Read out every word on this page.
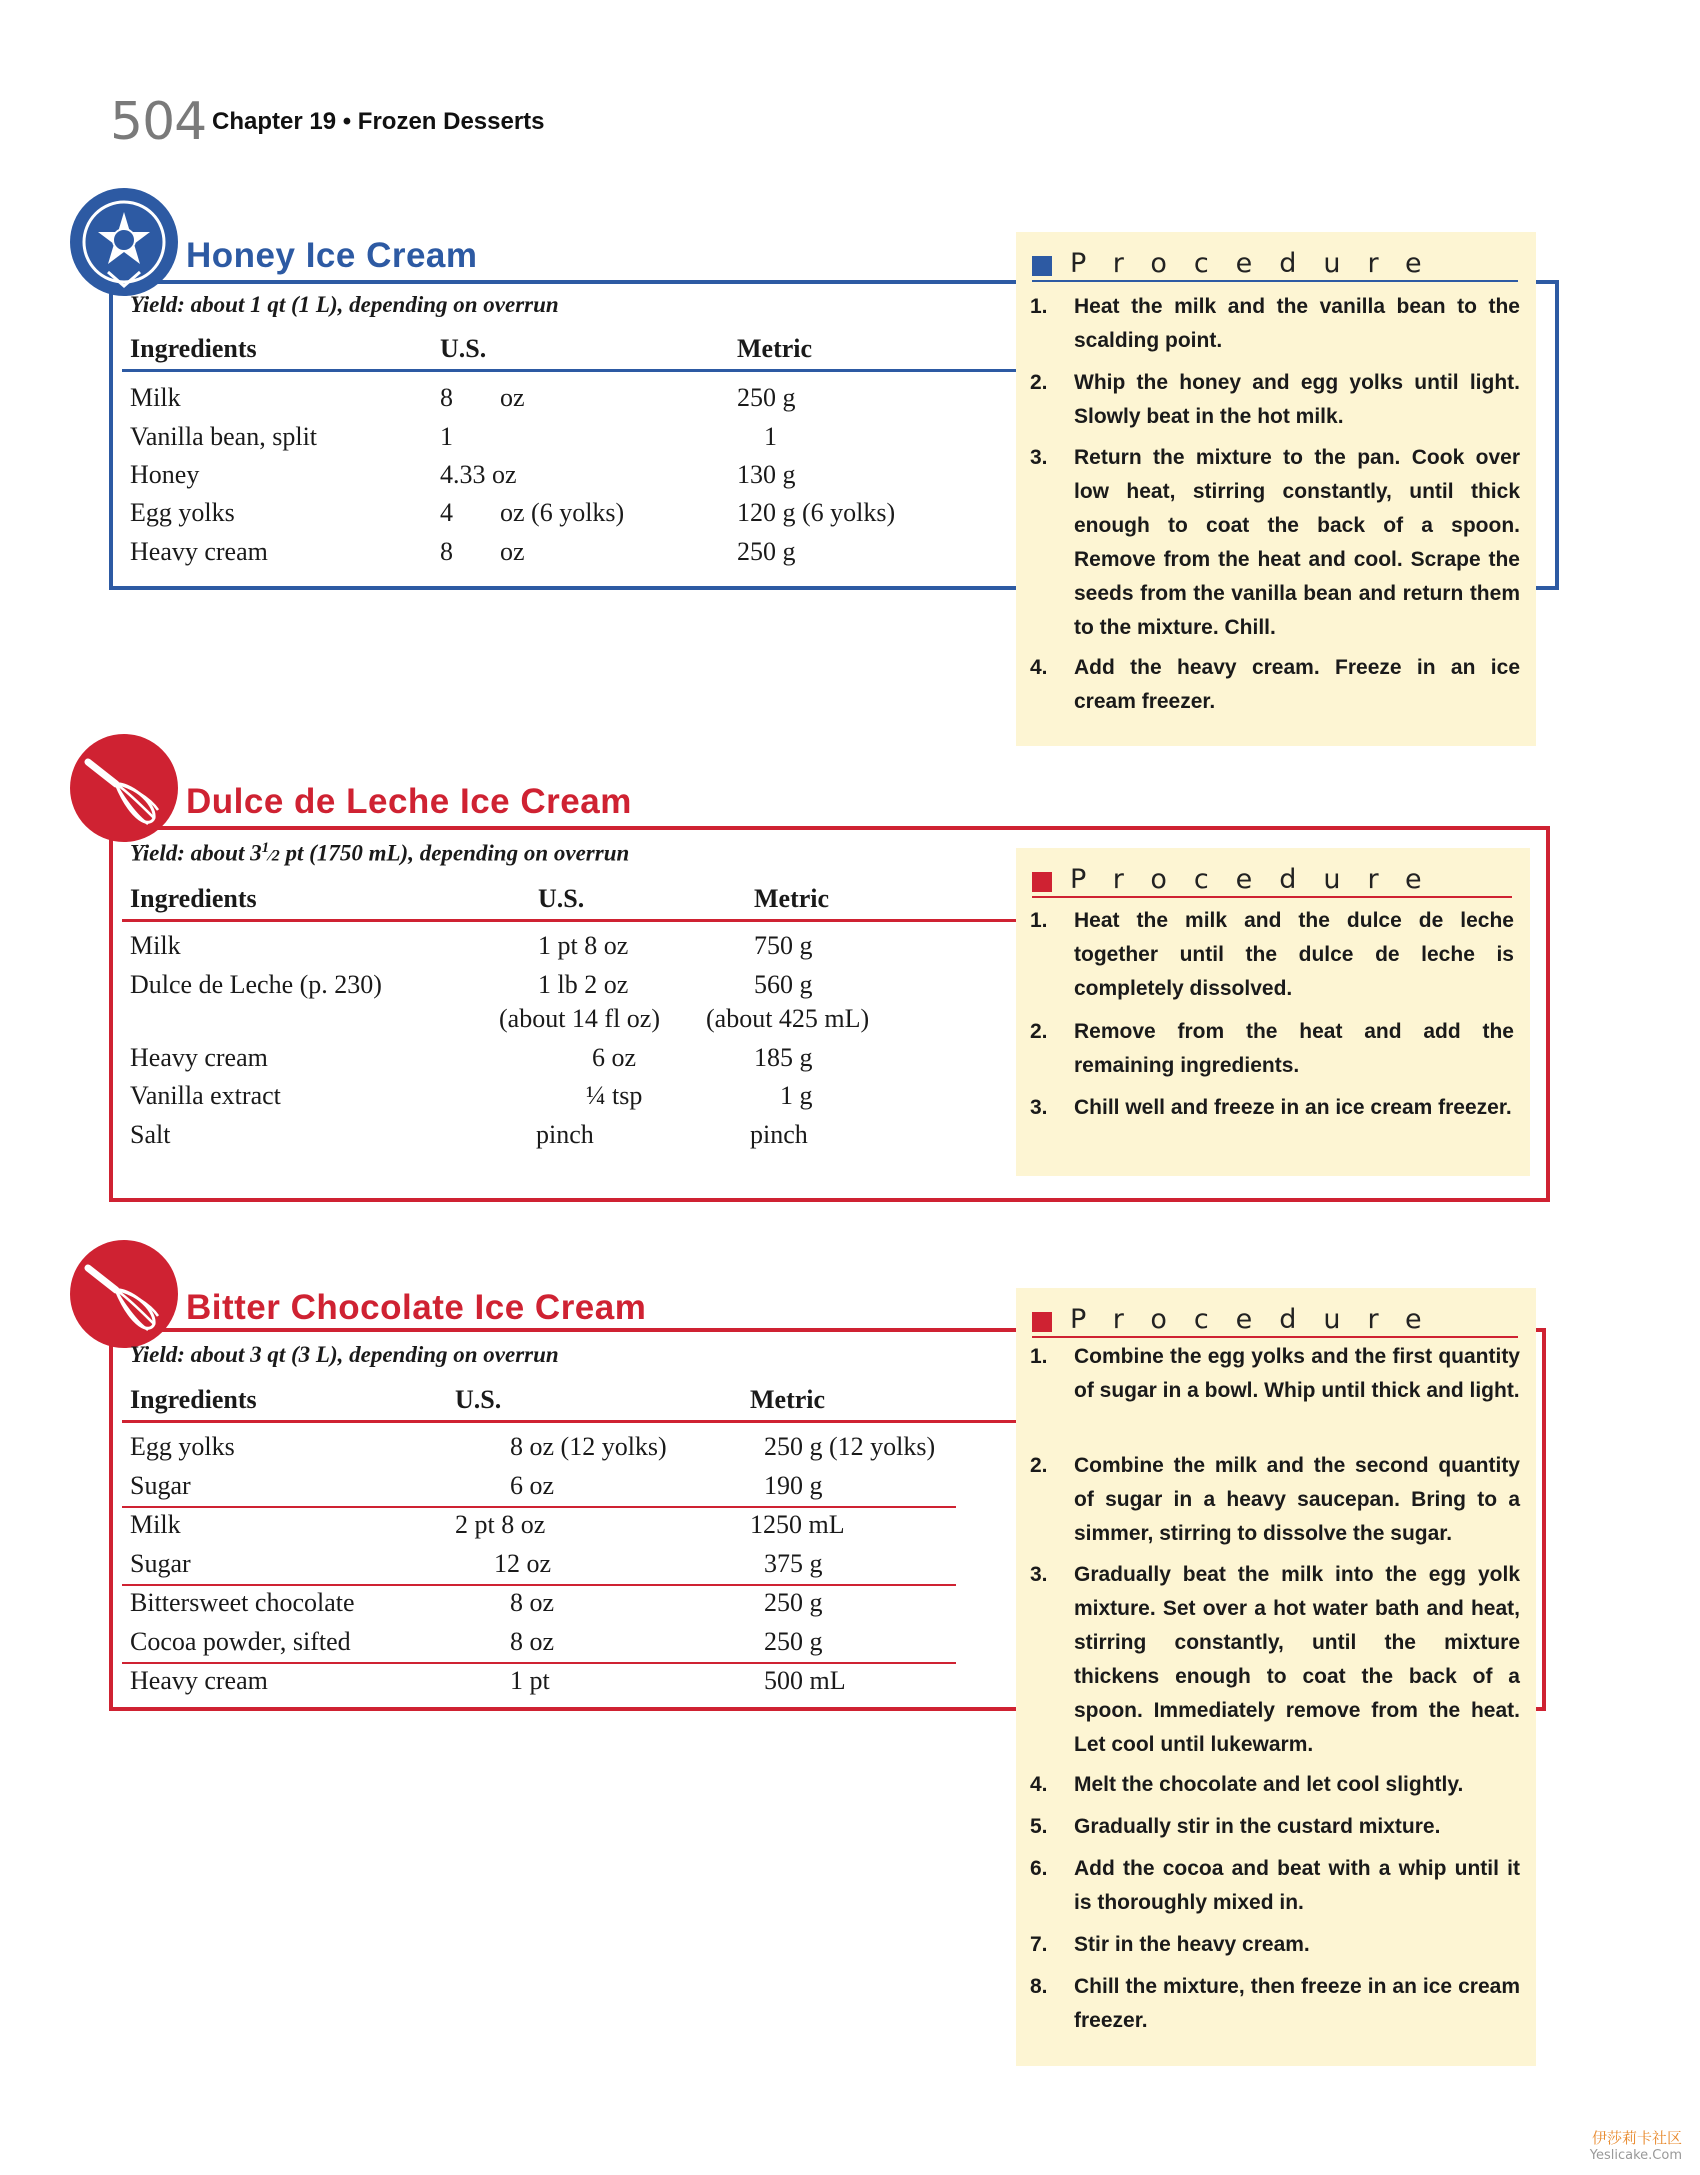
504 Chapter 19 • Frozen Desserts
Procedure
1. Heat the milk and the vanilla bean to the scalding point.
2. Whip the honey and egg yolks until light. Slowly beat in the hot milk.
3. Return the mixture to the pan. Cook over low heat, stirring constantly, until thick enough to coat the back of a spoon. Remove from the heat and cool. Scrape the seeds from the vanilla bean and return them to the mixture. Chill.
4. Add the heavy cream. Freeze in an ice cream freezer.
Honey Ice Cream
Yield: about 1 qt (1 L), depending on overrun
Ingredients	U.S.	Metric
Milk	8 oz	250 g
Vanilla bean, split	1	1
Honey	4.33 oz	130 g
Egg yolks	4 oz (6 yolks)	120 g (6 yolks)
Heavy cream	8 oz	250 g
Procedure
1. Heat the milk and the dulce de leche together until the dulce de leche is completely dissolved.
2. Remove from the heat and add the remaining ingredients.
3. Chill well and freeze in an ice cream freezer.
Dulce de Leche Ice Cream
Yield: about $3^1⁄2$ pt (1750 mL), depending on overrun
Ingredients	U.S.	Metric
Milk	1 pt 8 oz	750 g
Dulce de Leche (p. 230)	1 lb 2 oz	560 g
(about 14 fl oz) (about 425 mL)
Heavy cream	6 oz	185 g
Vanilla extract	¼ tsp	1 g
Salt	pinch	pinch
Procedure
1. Combine the egg yolks and the first quantity of sugar in a bowl. Whip until thick and light.
2. Combine the milk and the second quantity of sugar in a heavy saucepan. Bring to a simmer, stirring to dissolve the sugar.
3. Gradually beat the milk into the egg yolk mixture. Set over a hot water bath and heat, stirring constantly, until the mixture thickens enough to coat the back of a spoon. Immediately remove from the heat. Let cool until lukewarm.
4. Melt the chocolate and let cool slightly.
5. Gradually stir in the custard mixture.
6. Add the cocoa and beat with a whip until it is thoroughly mixed in.
7. Stir in the heavy cream.
8. Chill the mixture, then freeze in an ice cream freezer.
Bitter Chocolate Ice Cream
Yield: about 3 qt (3 L), depending on overrun
Ingredients	U.S.	Metric
Egg yolks	8 oz (12 yolks)	250 g (12 yolks)
Sugar	6 oz	190 g
Milk	2 pt 8 oz	1250 mL
Sugar	12 oz	375 g
Bittersweet chocolate	8 oz	250 g
Cocoa powder, sifted	8 oz	250 g
Heavy cream	1 pt	500 mL
伊莎莉卡社区
Yeslicake.Com
